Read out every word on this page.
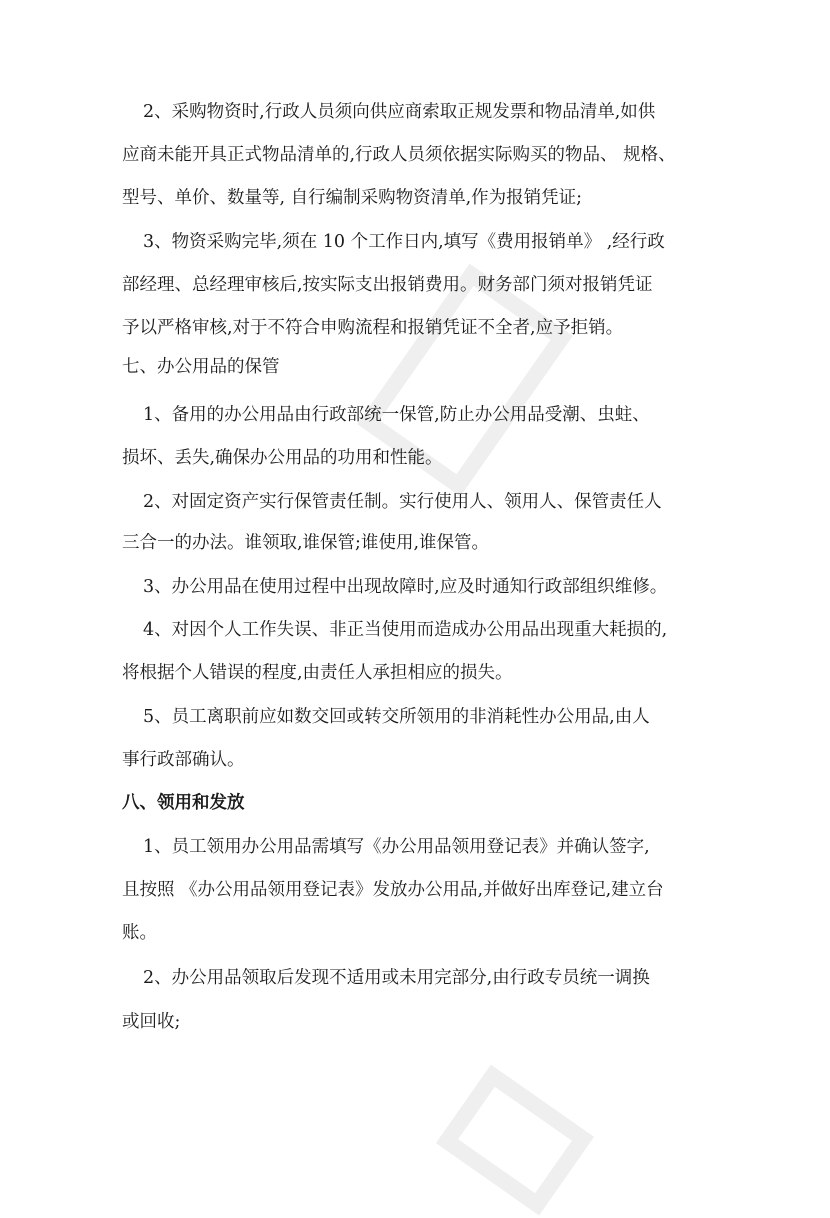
2、采购物资时,行政人员须向供应商索取正规发票和物品清单,如供
应商未能开具正式物品清单的,行政人员须依据实际购买的物品、 规格、
型号、单价、数量等, 自行编制采购物资清单,作为报销凭证;
3、物资采购完毕,须在 10 个工作日内,填写《费用报销单》 ,经行政
部经理、总经理审核后,按实际支出报销费用。财务部门须对报销凭证
予以严格审核,对于不符合申购流程和报销凭证不全者,应予拒销。
七、办公用品的保管
1、备用的办公用品由行政部统一保管,防止办公用品受潮、虫蛀、
损坏、丢失,确保办公用品的功用和性能。
2、对固定资产实行保管责任制。实行使用人、领用人、保管责任人
三合一的办法。谁领取,谁保管;谁使用,谁保管。
3、办公用品在使用过程中出现故障时,应及时通知行政部组织维修。
4、对因个人工作失误、非正当使用而造成办公用品出现重大耗损的,
将根据个人错误的程度,由责任人承担相应的损失。
5、员工离职前应如数交回或转交所领用的非消耗性办公用品,由人
事行政部确认。
八、领用和发放
1、员工领用办公用品需填写《办公用品领用登记表》并确认签字,
且按照 《办公用品领用登记表》发放办公用品,并做好出库登记,建立台
账。
2、办公用品领取后发现不适用或未用完部分,由行政专员统一调换
或回收;
